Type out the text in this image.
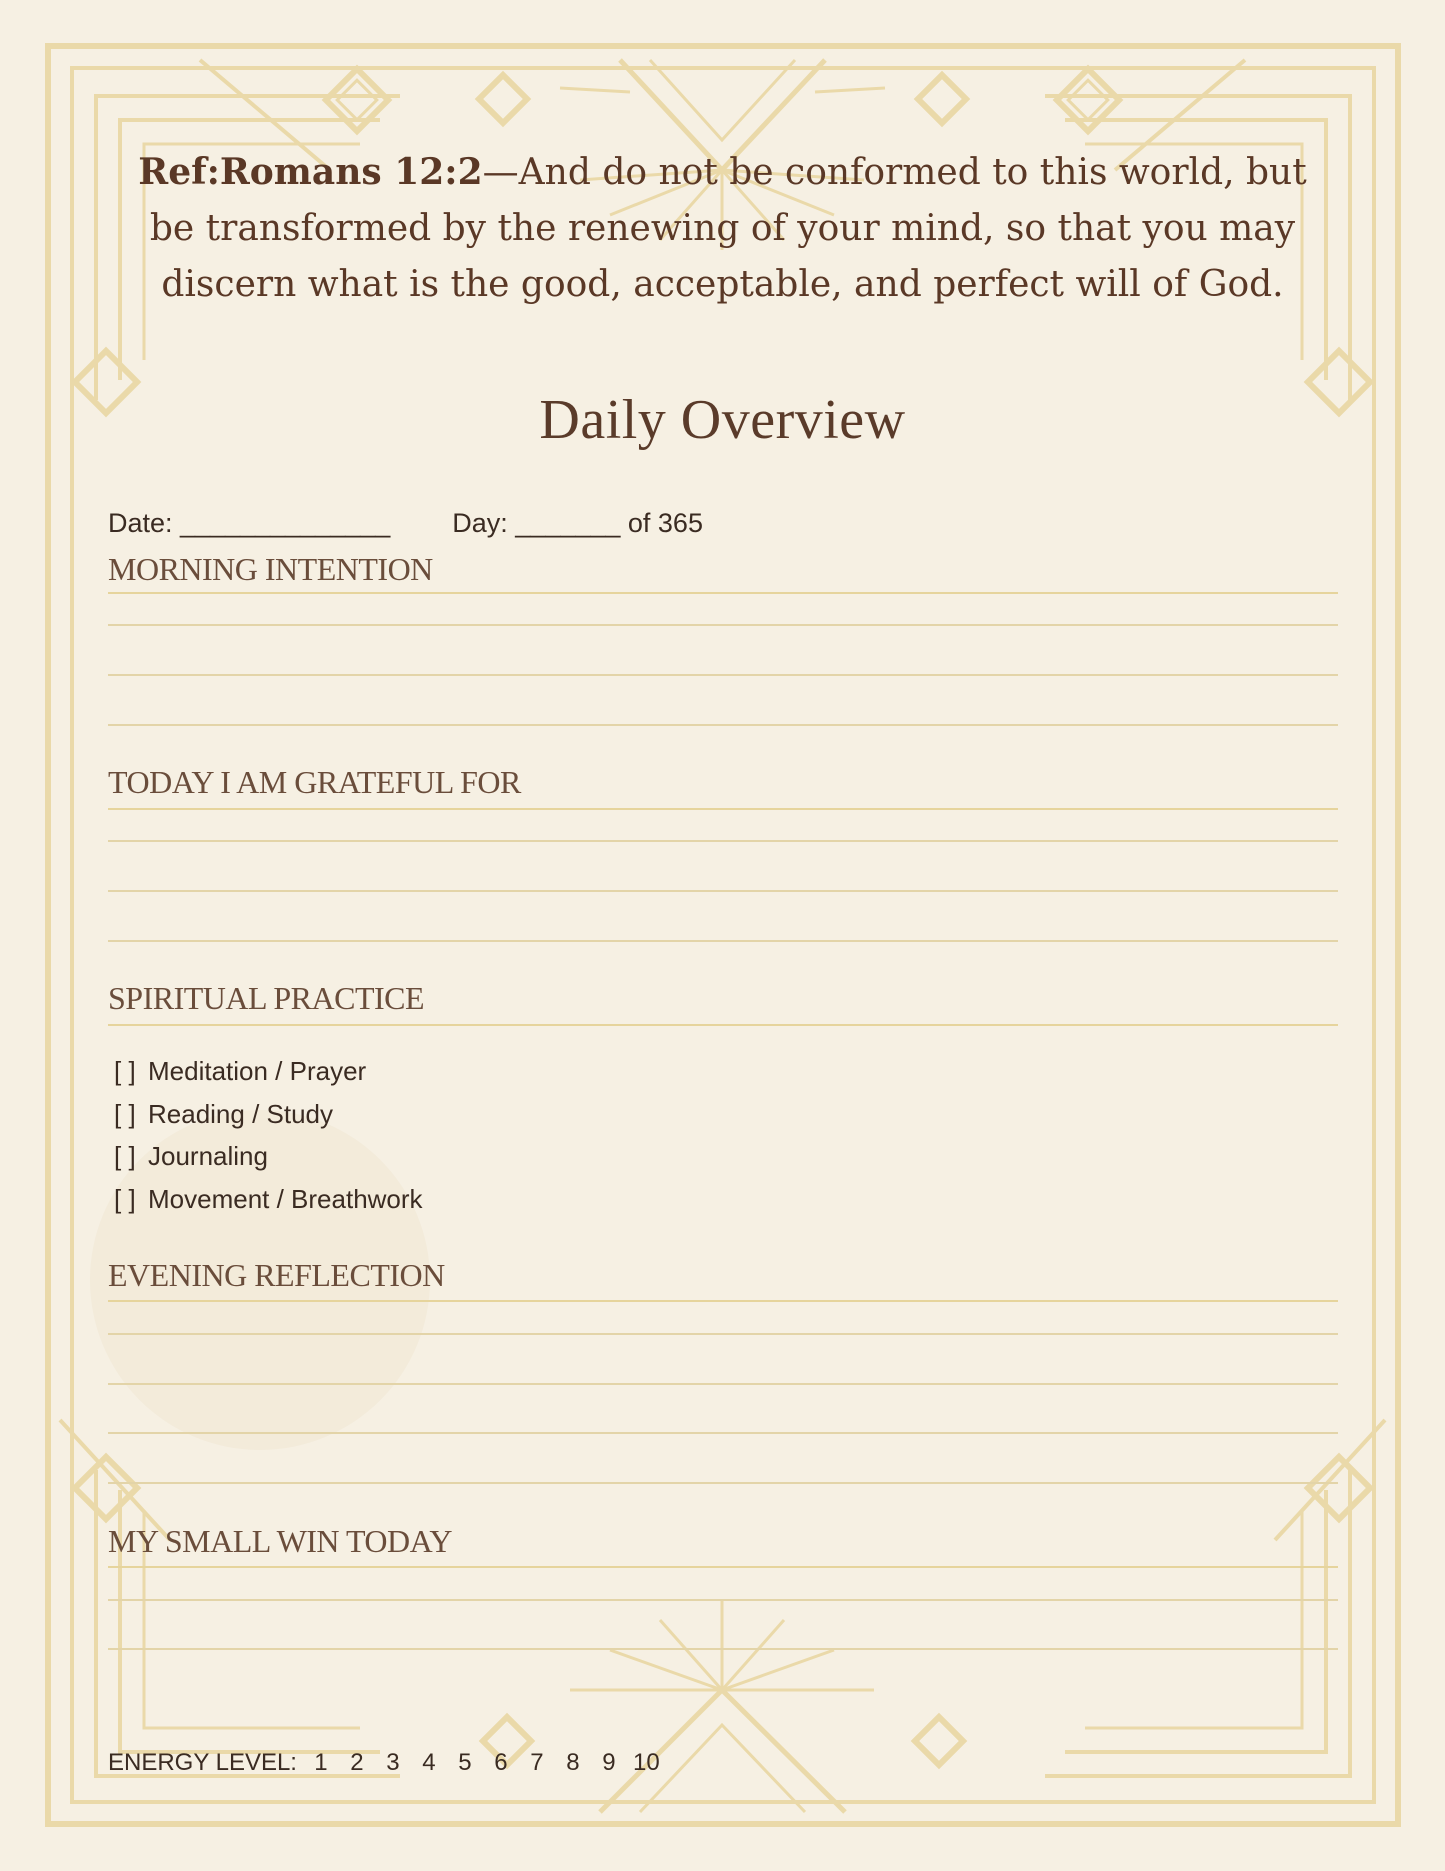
Ref:Romans 12:2—And do not be conformed to this world, but be transformed by the renewing of your mind, so that you may discern what is the good, acceptable, and perfect will of God.
Daily Overview
Date: ______________ Day: _______ of 365
MORNING INTENTION
TODAY I AM GRATEFUL FOR
SPIRITUAL PRACTICE
[ ] Meditation / Prayer
[ ] Reading / Study
[ ] Journaling
[ ] Movement / Breathwork
EVENING REFLECTION
MY SMALL WIN TODAY
ENERGY LEVEL: 1 2 3 4 5 6 7 8 9 10
